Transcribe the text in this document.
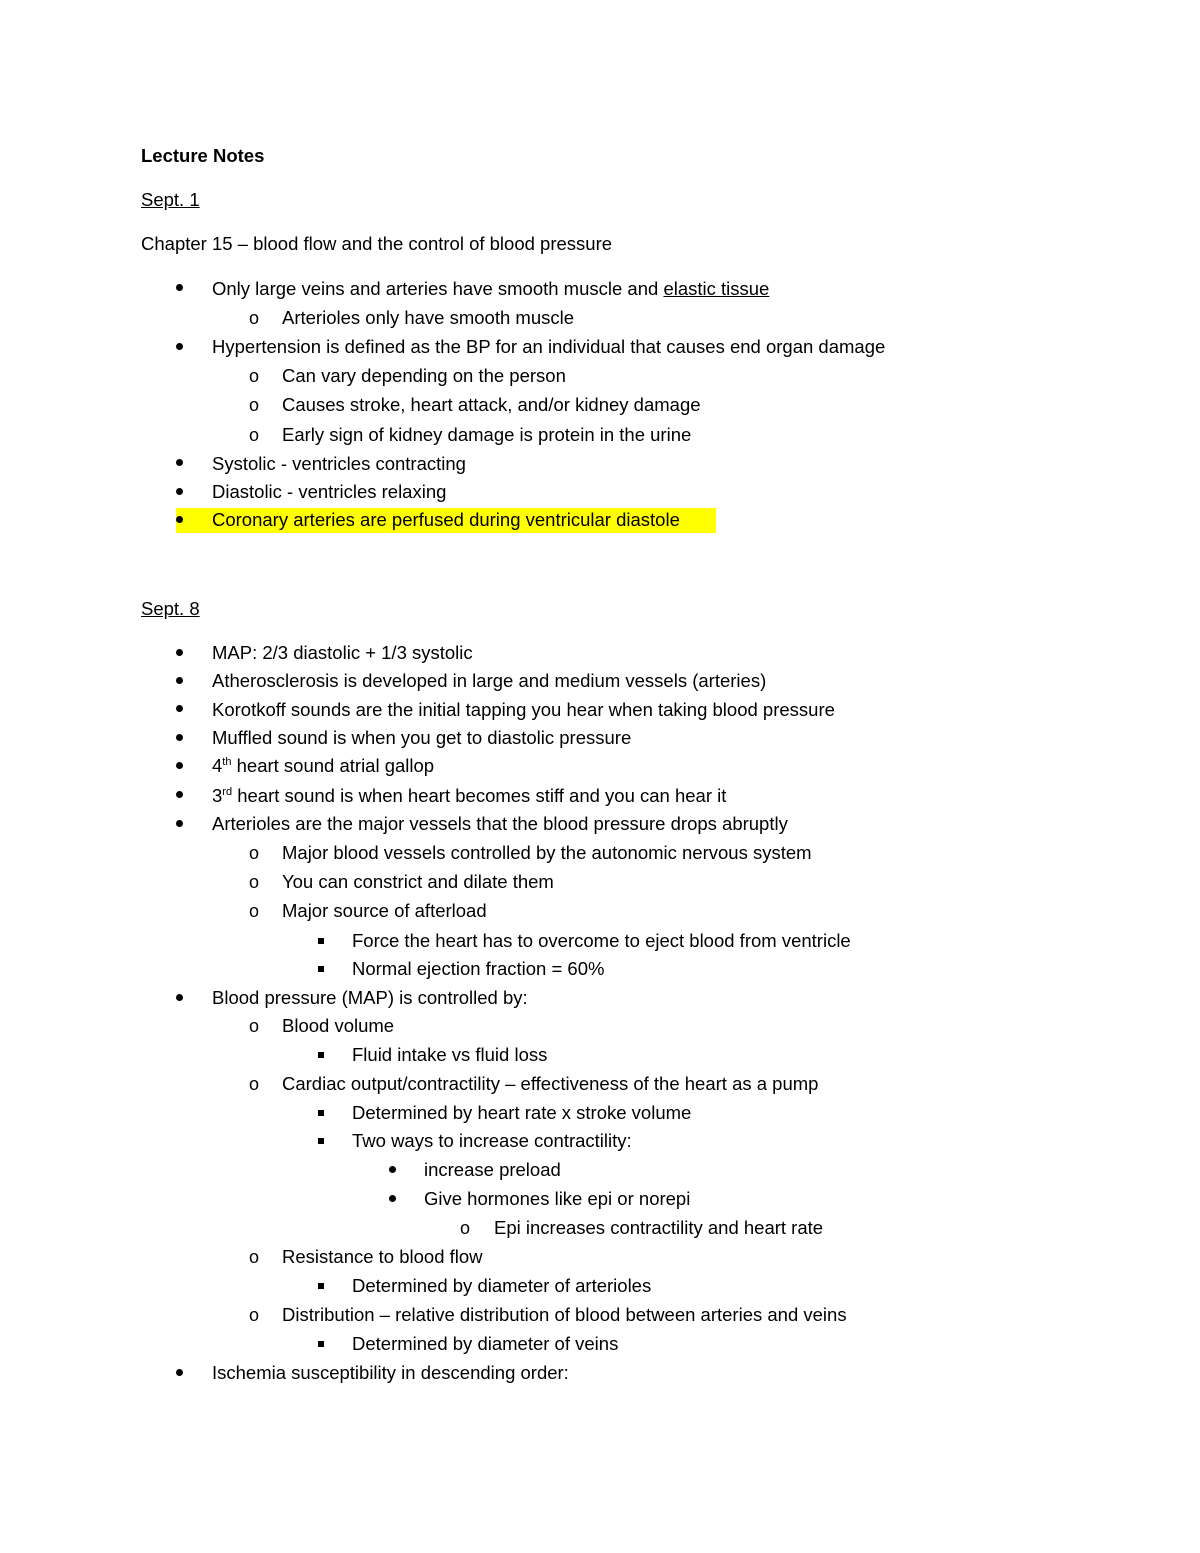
Lecture Notes
Sept. 1
Chapter 15 – blood flow and the control of blood pressure
Only large veins and arteries have smooth muscle and elastic tissue
o Arterioles only have smooth muscle
Hypertension is defined as the BP for an individual that causes end organ damage
o Can vary depending on the person
o Causes stroke, heart attack, and/or kidney damage
o Early sign of kidney damage is protein in the urine
Systolic - ventricles contracting
Diastolic - ventricles relaxing
Coronary arteries are perfused during ventricular diastole
Sept. 8
MAP: 2/3 diastolic + 1/3 systolic
Atherosclerosis is developed in large and medium vessels (arteries)
Korotkoff sounds are the initial tapping you hear when taking blood pressure
Muffled sound is when you get to diastolic pressure
4th heart sound atrial gallop
3rd heart sound is when heart becomes stiff and you can hear it
Arterioles are the major vessels that the blood pressure drops abruptly
o Major blood vessels controlled by the autonomic nervous system
o You can constrict and dilate them
o Major source of afterload
Force the heart has to overcome to eject blood from ventricle
Normal ejection fraction = 60%
Blood pressure (MAP) is controlled by:
o Blood volume
Fluid intake vs fluid loss
o Cardiac output/contractility – effectiveness of the heart as a pump
Determined by heart rate x stroke volume
Two ways to increase contractility:
increase preload
Give hormones like epi or norepi
o Epi increases contractility and heart rate
o Resistance to blood flow
Determined by diameter of arterioles
o Distribution – relative distribution of blood between arteries and veins
Determined by diameter of veins
Ischemia susceptibility in descending order:
